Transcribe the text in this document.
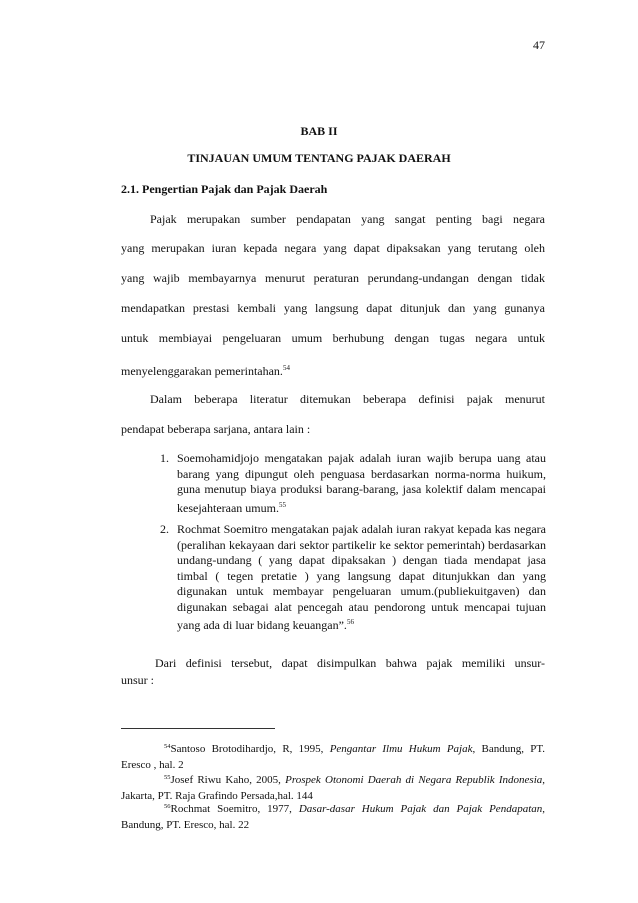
47
BAB II
TINJAUAN UMUM TENTANG PAJAK DAERAH
2.1. Pengertian Pajak dan Pajak Daerah
Pajak merupakan sumber pendapatan yang sangat penting bagi negara
yang merupakan iuran kepada negara yang dapat dipaksakan yang terutang oleh
yang wajib membayarnya menurut peraturan perundang-undangan dengan tidak
mendapatkan prestasi kembali yang langsung dapat ditunjuk dan yang gunanya
untuk membiayai pengeluaran umum berhubung dengan tugas negara untuk
menyelenggarakan pemerintahan.$^{54}$
Dalam beberapa literatur ditemukan beberapa definisi pajak menurut
pendapat beberapa sarjana, antara lain :
1. Soemohamidjojo mengatakan pajak adalah iuran wajib berupa uang atau barang yang dipungut oleh penguasa berdasarkan norma-norma huikum, guna menutup biaya produksi barang-barang, jasa kolektif dalam mencapai kesejahteraan umum.$^{55}$
2. Rochmat Soemitro mengatakan pajak adalah iuran rakyat kepada kas negara (peralihan kekayaan dari sektor partikelir ke sektor pemerintah) berdasarkan undang-undang ( yang dapat dipaksakan ) dengan tiada mendapat jasa timbal ( tegen pretatie ) yang langsung dapat ditunjukkan dan yang digunakan untuk membayar pengeluaran umum.(publiekuitgaven) dan digunakan sebagai alat pencegah atau pendorong untuk mencapai tujuan yang ada di luar bidang keuangan”.$^{56}$
Dari definisi tersebut, dapat disimpulkan bahwa pajak memiliki unsur-
unsur :
$^{54}$Santoso Brotodihardjo, R, 1995, Pengantar Ilmu Hukum Pajak, Bandung, PT. Eresco , hal. 2
$^{55}$Josef Riwu Kaho, 2005, Prospek Otonomi Daerah di Negara Republik Indonesia, Jakarta, PT. Raja Grafindo Persada,hal. 144
$^{56}$Rochmat Soemitro, 1977, Dasar-dasar Hukum Pajak dan Pajak Pendapatan, Bandung, PT. Eresco, hal. 22
